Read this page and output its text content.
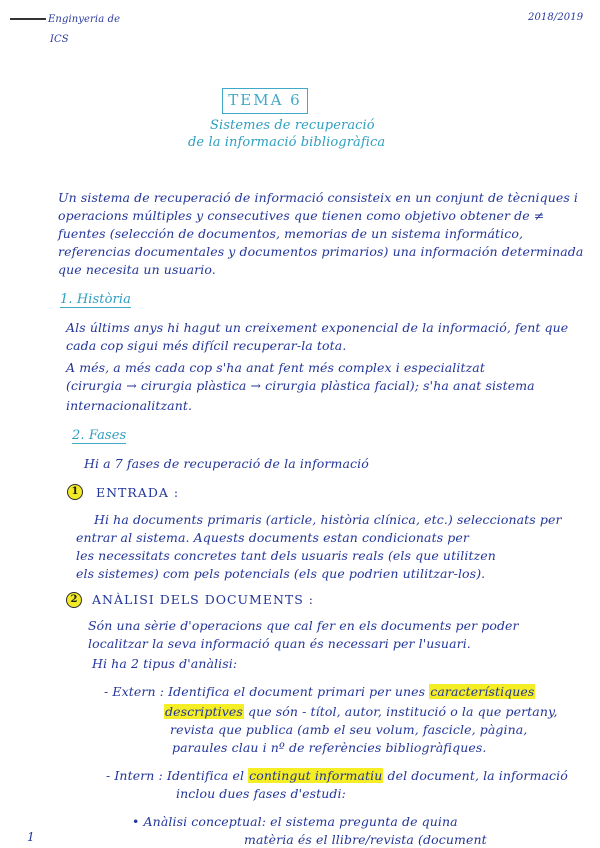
Enginyeria de
ICS
2018/2019
TEMA 6
Sistemes de recuperació
de la informació bibliogràfica
Un sistema de recuperació de informació consisteix en un conjunt de tècniques i
operacions múltiples y consecutives que tienen como objetivo obtener de ≠
fuentes (selección de documentos, memorias de un sistema informático,
referencias documentales y documentos primarios) una información determinada
que necesita un usuario.
1. Història
Als últims anys hi hagut un creixement exponencial de la informació, fent que
cada cop sigui més difícil recuperar-la tota.
A més, a més cada cop s'ha anat fent més complex i especialitzat
(cirurgia → cirurgia plàstica → cirurgia plàstica facial); s'ha anat sistema
internacionalitzant.
2. Fases
Hi a 7 fases de recuperació de la informació
1	ENTRADA :
Hi ha documents primaris (article, història clínica, etc.) seleccionats per
entrar al sistema. Aquests documents estan condicionats per
les necessitats concretes tant dels usuaris reals (els que utilitzen
els sistemes) com pels potencials (els que podrien utilitzar-los).
2	ANÀLISI DELS DOCUMENTS :
Són una sèrie d'operacions que cal fer en els documents per poder
localitzar la seva informació quan és necessari per l'usuari.
Hi ha 2 tipus d'anàlisi:
- Extern : Identifica el document primari per unes característiques
descriptives que són - títol, autor, institució o la que pertany,
revista que publica (amb el seu volum, fascicle, pàgina,
paraules clau i nº de referències bibliogràfiques.
- Intern : Identifica el contingut informatiu del document, la informació
inclou dues fases d'estudi:
• Anàlisi conceptual: el sistema pregunta de quina
matèria és el llibre/revista (document
1
